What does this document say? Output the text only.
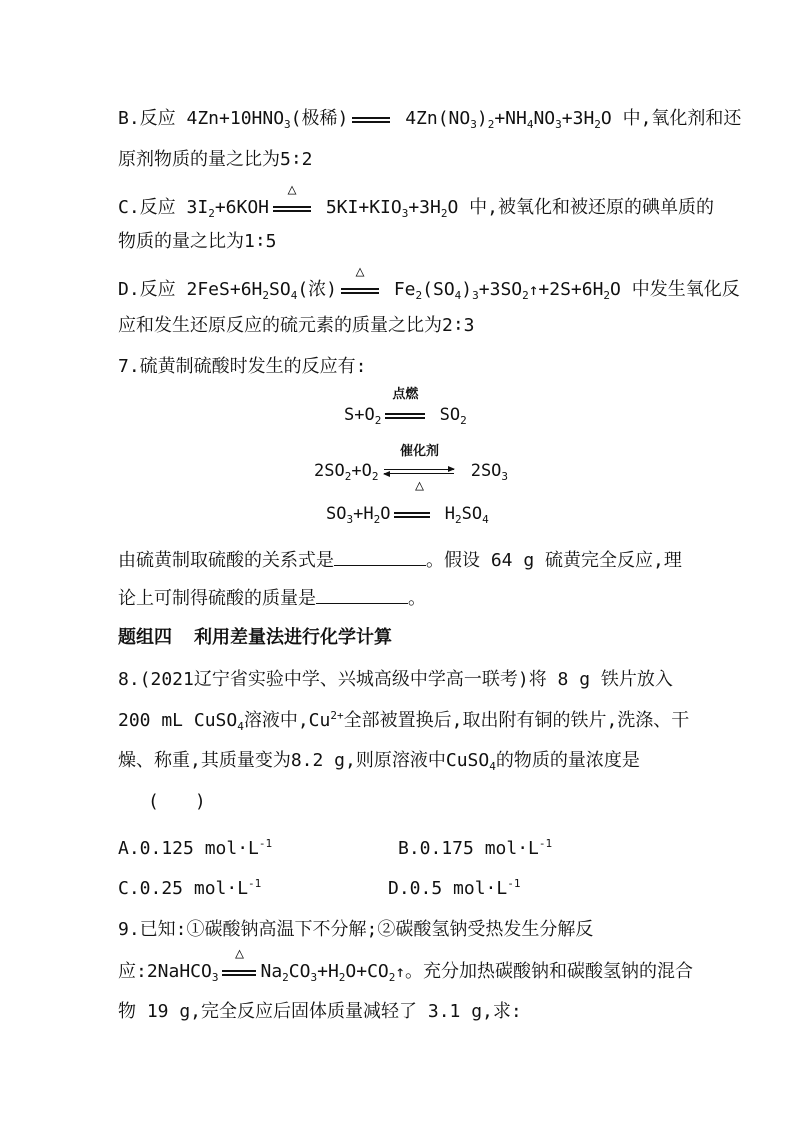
B.反应 $4Zn+10HNO_3$(极稀)	$4Zn(NO_3)_2+NH_4NO_3+3H_2O$ 中,氧化剂和还
原剂物质的量之比为5∶2
C.反应 $3I_2+6KOH$
△
$5KI+KIO_3+3H_2O$ 中,被氧化和被还原的碘单质的
物质的量之比为1∶5
D.反应 $2FeS+6H_2SO_4$(浓)
△
$Fe_2(SO_4)_3+3SO_2↑+2S+6H_2O$ 中发生氧化反
应和发生还原反应的硫元素的质量之比为2∶3
7.硫黄制硫酸时发生的反应有:
$S+O_2$
点燃
$SO_2$
$2SO_2+O_2$
催化剂
△
$2SO_3$
$SO_3+H_2O$	$H_2SO_4$
由硫黄制取硫酸的关系式是	。假设 64 g 硫黄完全反应,理
论上可制得硫酸的质量是	。
题组四 利用差量法进行化学计算
8.(2021辽宁省实验中学、兴城高级中学高一联考)将 8 g 铁片放入
200 mL CuSO$_4$溶液中$,Cu^{2+}$全部被置换后,取出附有铜的铁片,洗涤、干
燥、称重,其质量变为8.2 g,则原溶液中CuSO$_4$的物质的量浓度是
(　　)
A.0.125 $mol\cdot L^{-1}$	B.0.175 $mol\cdot L^{-1}$
C.0.25 $mol\cdot L^{-1}$	D.0.5 $mol\cdot L^{-1}$
9.已知:①碳酸钠高温下不分解;②碳酸氢钠受热发生分解反
应:2NaHCO$_3$
△
$Na_2CO_3+H_2O+CO_2↑$。充分加热碳酸钠和碳酸氢钠的混合
物 19 g,完全反应后固体质量减轻了 3.1 g,求:
